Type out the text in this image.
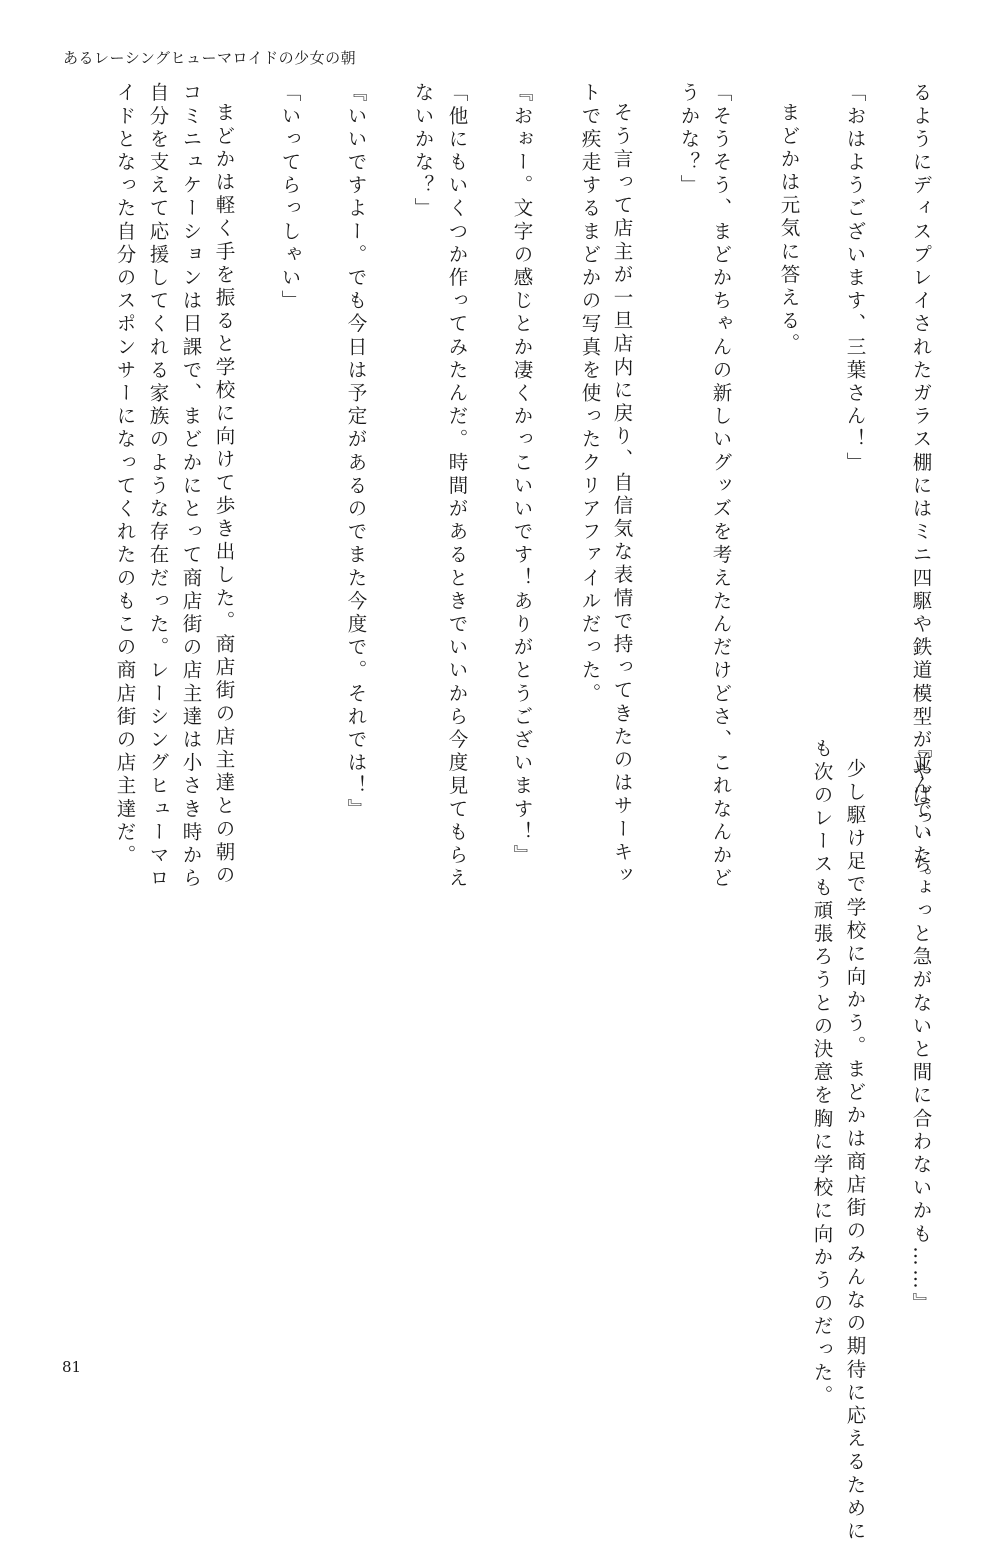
あるレーシングヒューマロイドの少女の朝
るようにディスプレイされたガラス棚にはミニ四駆や鉄道模型が並んでいた。
「おはようございます、三葉さん！」
まどかは元気に答える。
「そうそう、まどかちゃんの新しいグッズを考えたんだけどさ、これなんかど
うかな？」
そう言って店主が一旦店内に戻り、自信気な表情で持ってきたのはサーキッ
トで疾走するまどかの写真を使ったクリアファイルだった。
『おぉー。文字の感じとか凄くかっこいいです！ありがとうございます！』
「他にもいくつか作ってみたんだ。時間があるときでいいから今度見てもらえ
ないかな？」
『いいですよー。でも今日は予定があるのでまた今度で。それでは！』
「いってらっしゃい」
まどかは軽く手を振ると学校に向けて歩き出した。商店街の店主達との朝の
コミニュケーションは日課で、まどかにとって商店街の店主達は小さき時から
自分を支えて応援してくれる家族のような存在だった。レーシングヒューマロ
イドとなった自分のスポンサーになってくれたのもこの商店街の店主達だ。
『やばっ、ちょっと急がないと間に合わないかも……』
少し駆け足で学校に向かう。まどかは商店街のみんなの期待に応えるために
も次のレースも頑張ろうとの決意を胸に学校に向かうのだった。
81
